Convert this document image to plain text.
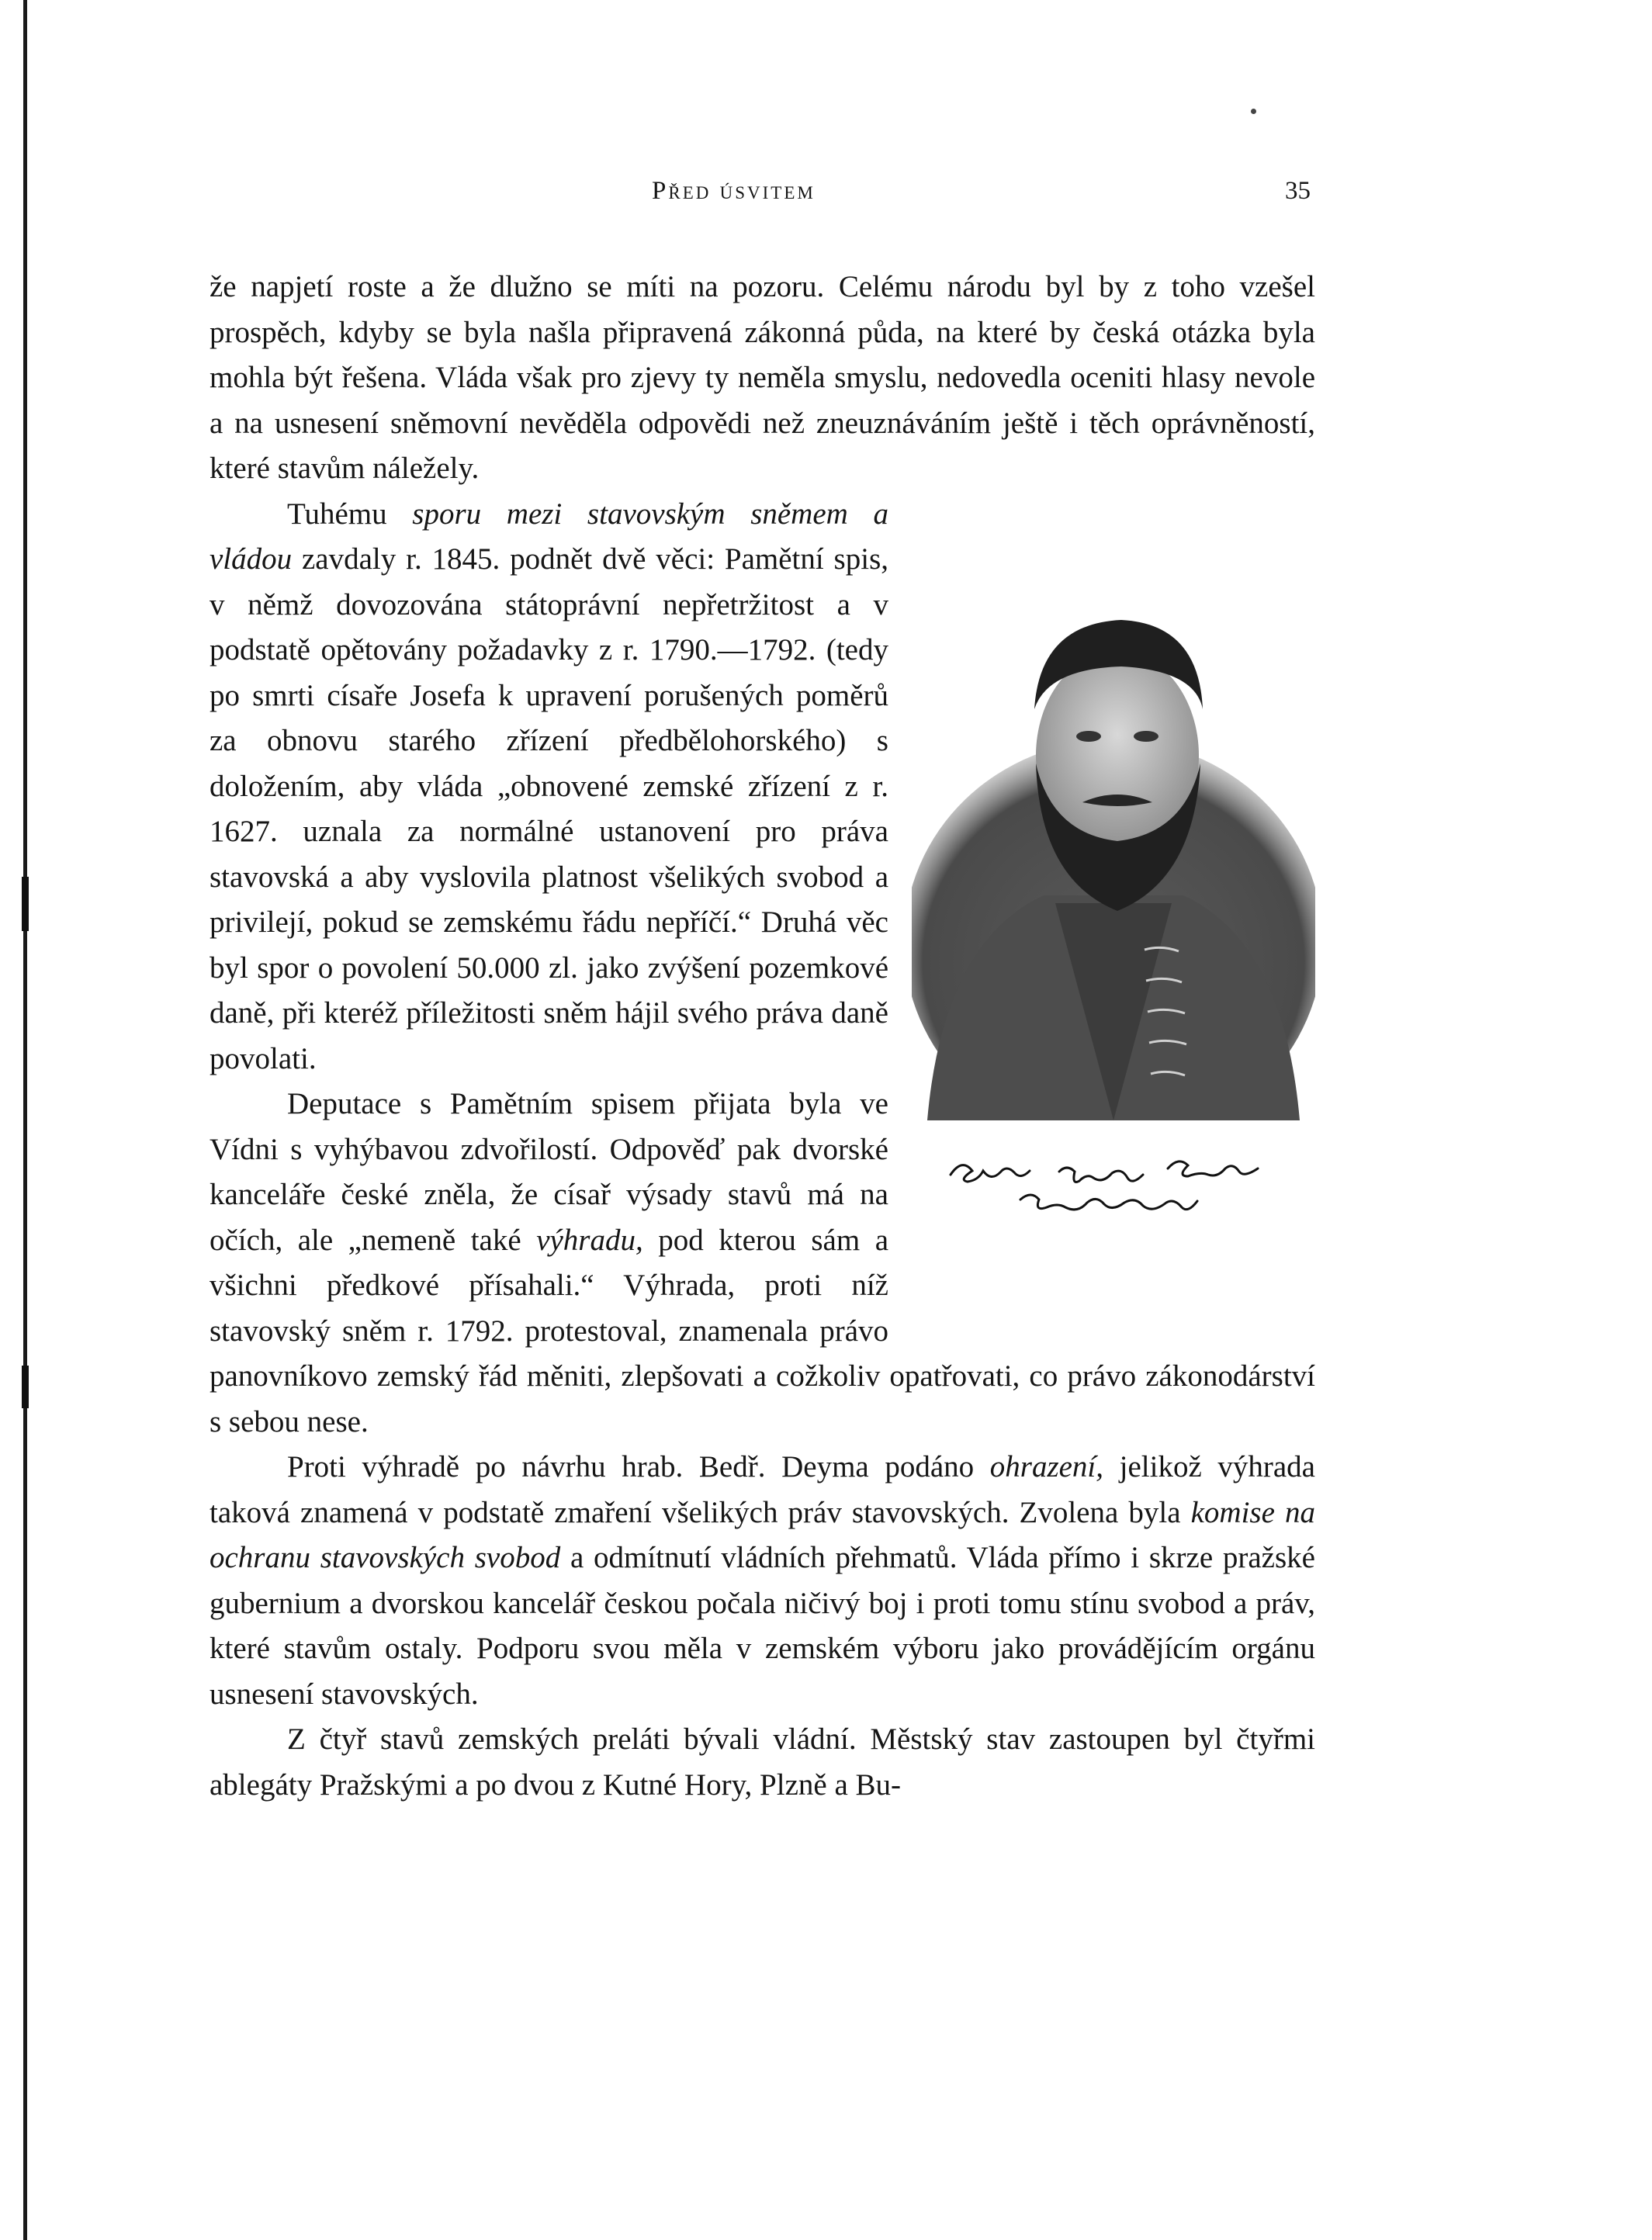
Před úsvitem	35

že napjetí roste a že dlužno se míti na pozoru. Celému národu byl by z toho vzešel prospěch, kdyby se byla našla připravená zákonná půda, na které by česká otázka byla mohla být řešena. Vláda však pro zjevy ty neměla smyslu, nedovedla oceniti hlasy nevole a na usnesení sněmovní nevěděla odpovědi než zneuznáváním ještě i těch oprávněností, které stavům náležely.

Tuhému sporu mezi stavovským sněmem a vládou zavdaly r. 1845. podnět dvě věci: Pamětní spis, v němž dovozována státoprávní nepřetržitost a v podstatě opětovány požadavky z r. 1790.—1792. (tedy po smrti císaře Josefa k upravení porušených poměrů za obnovu starého zřízení předbělohorského) s doložením, aby vláda „obnovené zemské zřízení z r. 1627. uznala za normálné ustanovení pro práva stavovská a aby vyslovila platnost všelikých svobod a privilejí, pokud se zemskému řádu nepříčí.“ Druhá věc byl spor o povolení 50.000 zl. jako zvýšení pozemkové daně, při kteréž příležitosti sněm hájil svého práva daně povolati.

Deputace s Pamětním spisem přijata byla ve Vídni s vyhýbavou zdvořilostí. Odpověď pak dvorské kanceláře české zněla, že císař výsady stavů má na očích, ale „nemeně také výhradu, pod kterou sám a všichni předkové přísahali.“ Výhrada, proti níž stavovský sněm r. 1792. protestoval, znamenala právo panovníkovo zemský řád měniti, zlepšovati a cožkoliv opatřovati, co právo zákonodárství s sebou nese.

Proti výhradě po návrhu hrab. Bedř. Deyma podáno ohrazení, jelikož výhrada taková znamená v podstatě zmaření všelikých práv stavovských. Zvolena byla komise na ochranu stavovských svobod a odmítnutí vládních přehmatů. Vláda přímo i skrze pražské gubernium a dvorskou kancelář českou počala ničivý boj i proti tomu stínu svobod a práv, které stavům ostaly. Podporu svou měla v zemském výboru jako provádějícím orgánu usnesení stavovských.

Z čtyř stavů zemských preláti bývali vládní. Městský stav zastoupen byl čtyřmi ablegáty Pražskými a po dvou z Kutné Hory, Plzně a Bu-
